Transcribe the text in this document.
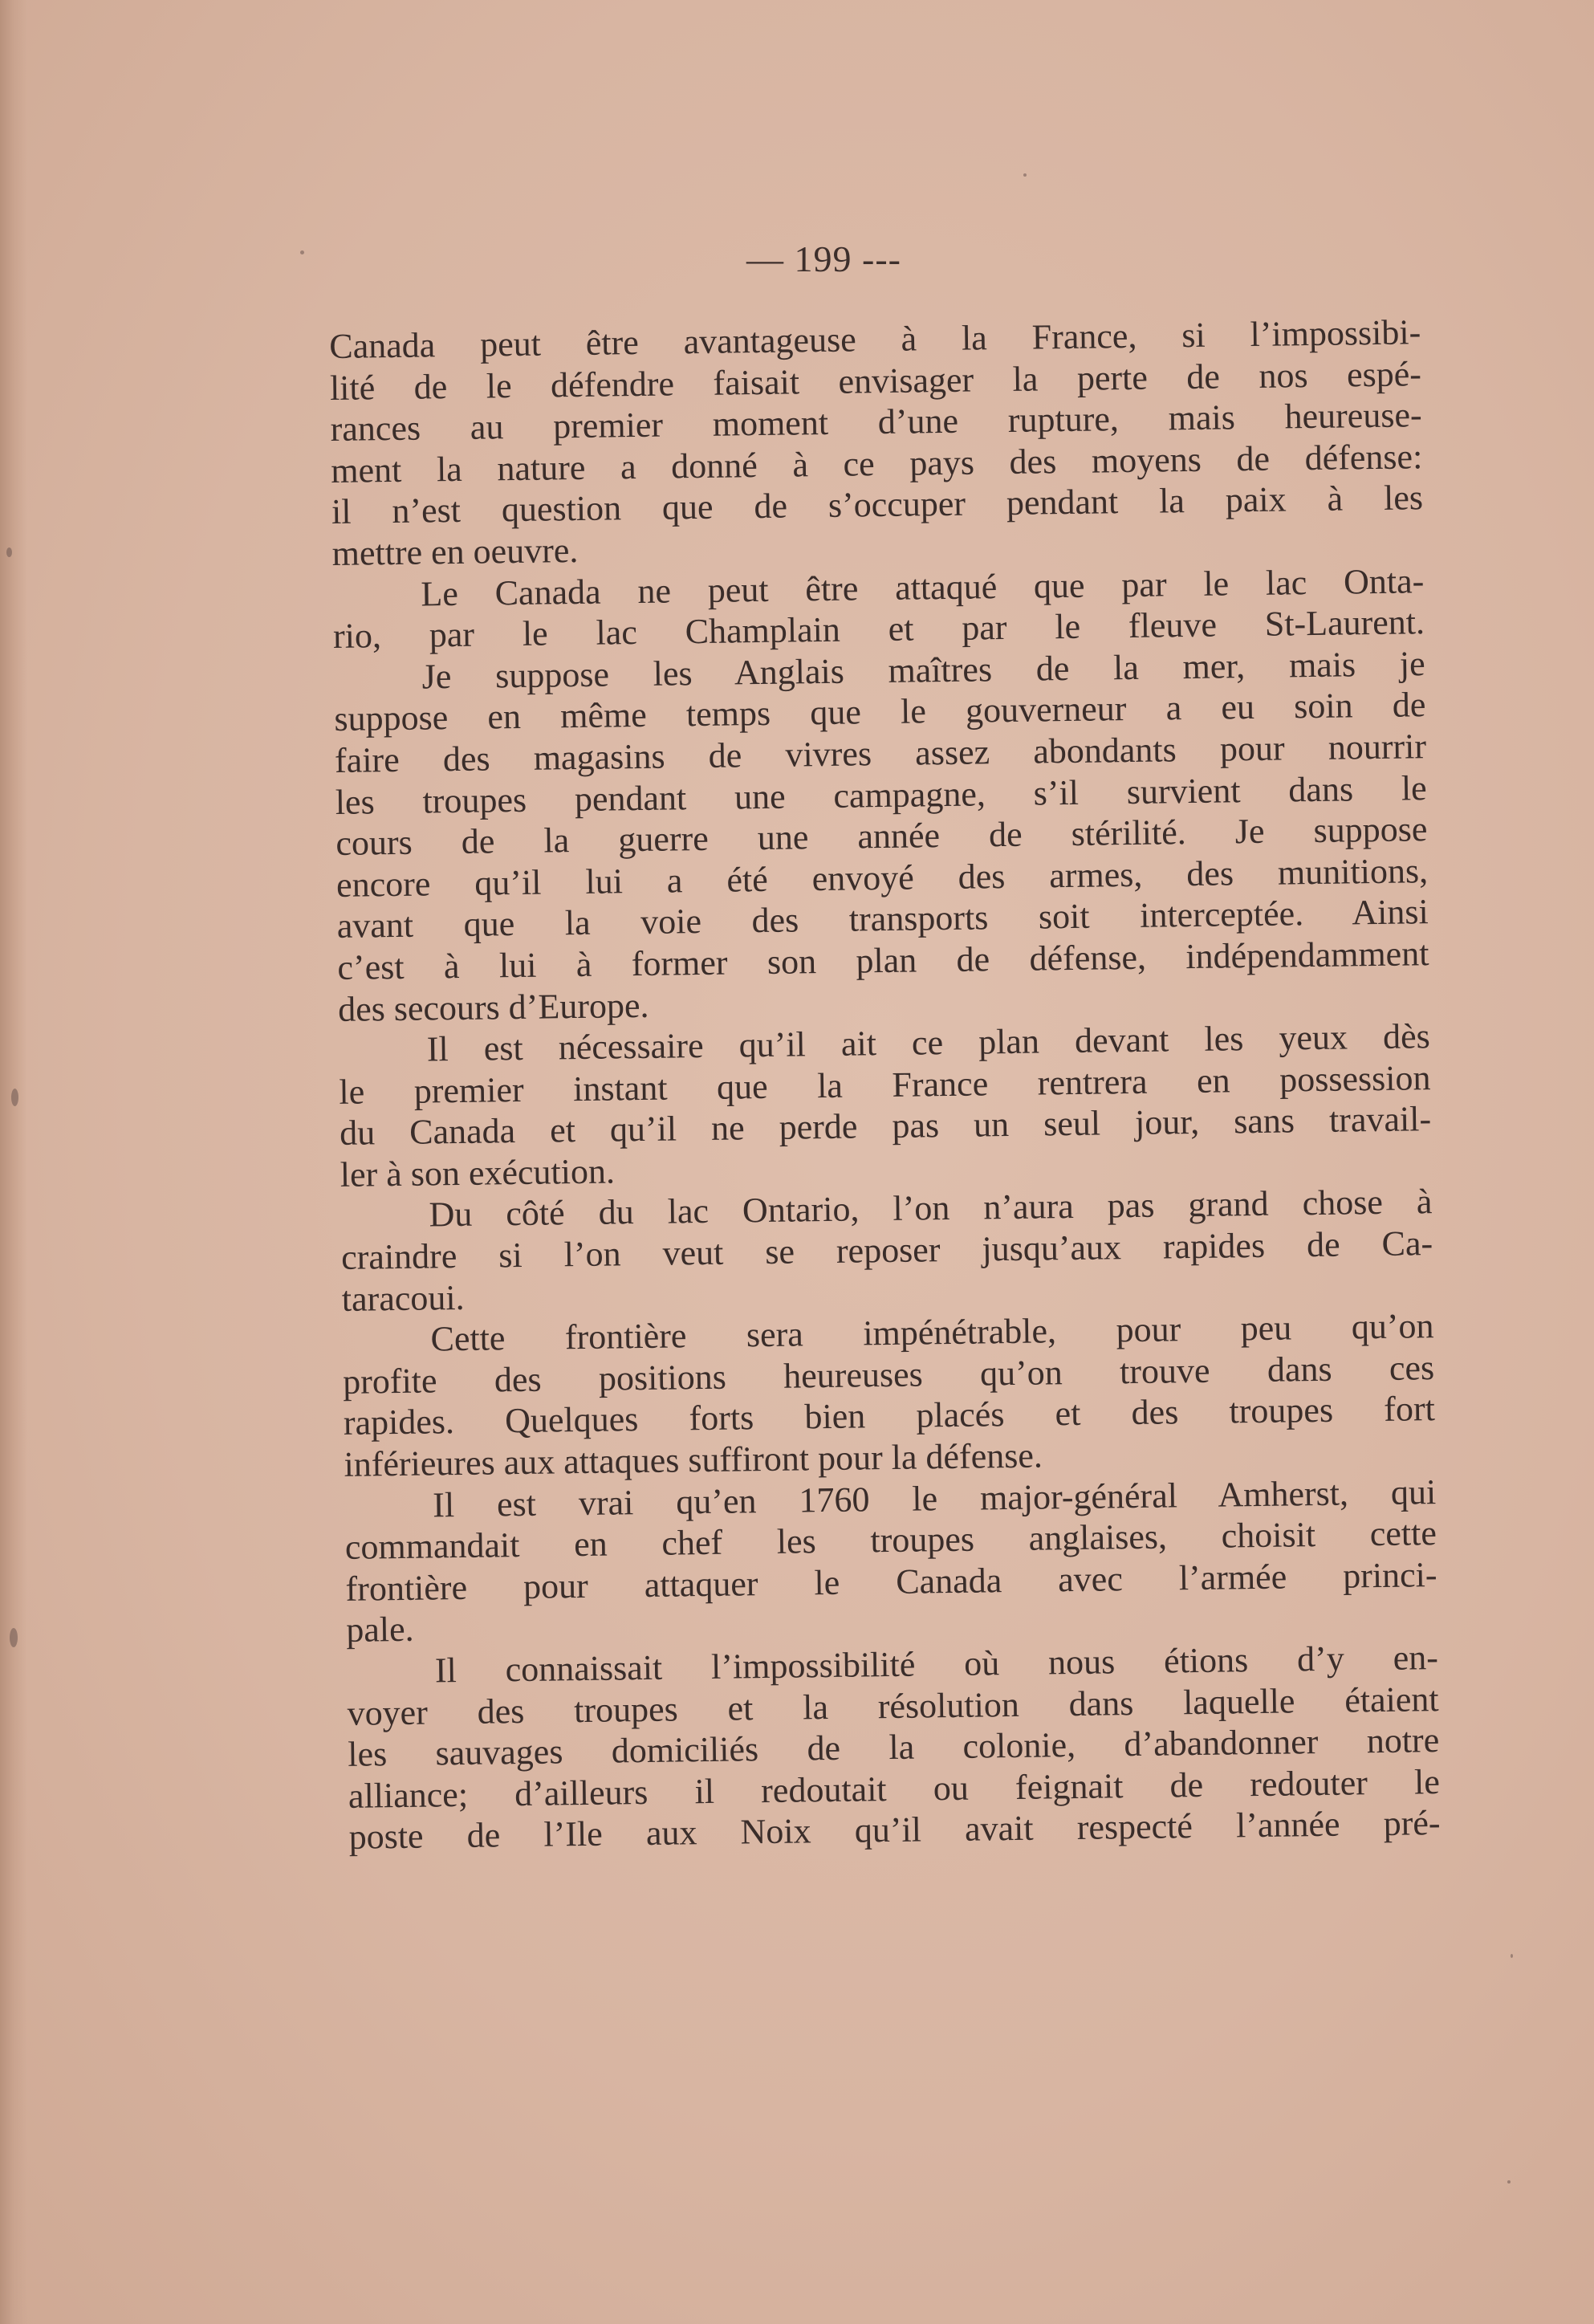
— 199 ---
Canada peut être avantageuse à la France, si l’impossibi-
lité de le défendre faisait envisager la perte de nos espé-
rances au premier moment d’une rupture, mais heureuse-
ment la nature a donné à ce pays des moyens de défense:
il n’est question que de s’occuper pendant la paix à les
mettre en oeuvre.
Le Canada ne peut être attaqué que par le lac Onta-
rio, par le lac Champlain et par le fleuve St-Laurent.
Je suppose les Anglais maîtres de la mer, mais je
suppose en même temps que le gouverneur a eu soin de
faire des magasins de vivres assez abondants pour nourrir
les troupes pendant une campagne, s’il survient dans le
cours de la guerre une année de stérilité. Je suppose
encore qu’il lui a été envoyé des armes, des munitions,
avant que la voie des transports soit interceptée. Ainsi
c’est à lui à former son plan de défense, indépendamment
des secours d’Europe.
Il est nécessaire qu’il ait ce plan devant les yeux dès
le premier instant que la France rentrera en possession
du Canada et qu’il ne perde pas un seul jour, sans travail-
ler à son exécution.
Du côté du lac Ontario, l’on n’aura pas grand chose à
craindre si l’on veut se reposer jusqu’aux rapides de Ca-
taracoui.
Cette frontière sera impénétrable, pour peu qu’on
profite des positions heureuses qu’on trouve dans ces
rapides. Quelques forts bien placés et des troupes fort
inférieures aux attaques suffiront pour la défense.
Il est vrai qu’en 1760 le major-général Amherst, qui
commandait en chef les troupes anglaises, choisit cette
frontière pour attaquer le Canada avec l’armée princi-
pale.
Il connaissait l’impossibilité où nous étions d’y en-
voyer des troupes et la résolution dans laquelle étaient
les sauvages domiciliés de la colonie, d’abandonner notre
alliance; d’ailleurs il redoutait ou feignait de redouter le
poste de l’Ile aux Noix qu’il avait respecté l’année pré-
